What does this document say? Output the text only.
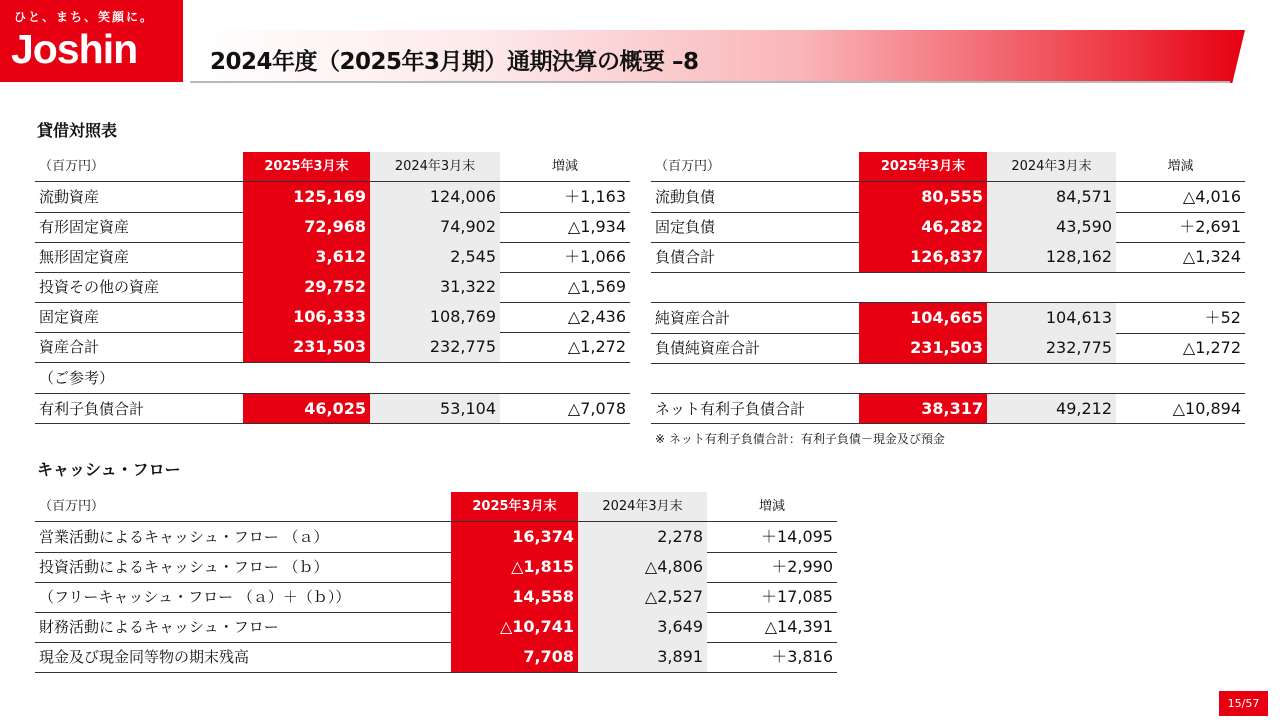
ひと、まち、笑顔に。
Joshin	2024年度（2025年3月期）通期決算の概要 –8
貸借対照表
（百万円）	2025年3月末	2024年3月末	増減
流動資産	125,169	124,006	＋1,163
有形固定資産	72,968	74,902	△1,934
無形固定資産	3,612	2,545	＋1,066
投資その他の資産	29,752	31,322	△1,569
固定資産	106,333	108,769	△2,436
資産合計	231,503	232,775	△1,272
有利子負債合計	46,025	53,104	△7,078
（百万円）	2025年3月末	2024年3月末	増減
流動負債	80,555	84,571	△4,016
固定負債	46,282	43,590	＋2,691
負債合計	126,837	128,162	△1,324
純資産合計	104,665	104,613	＋52
負債純資産合計	231,503	232,775	△1,272
ネット有利子負債合計	38,317	49,212	△10,894
（ご参考）
※ ネット有利子負債合計：有利子負債－現金及び預金
キャッシュ・フロー
（百万円）	2025年3月末	2024年3月末	増減
営業活動によるキャッシュ・フロー （ａ）	16,374	2,278	＋14,095
投資活動によるキャッシュ・フロー （ｂ）	△1,815	△4,806	＋2,990
（フリーキャッシュ・フロー （ａ）＋（ｂ））	14,558	△2,527	＋17,085
財務活動によるキャッシュ・フロー	△10,741	3,649	△14,391
現金及び現金同等物の期末残高	7,708	3,891	＋3,816
15/57
